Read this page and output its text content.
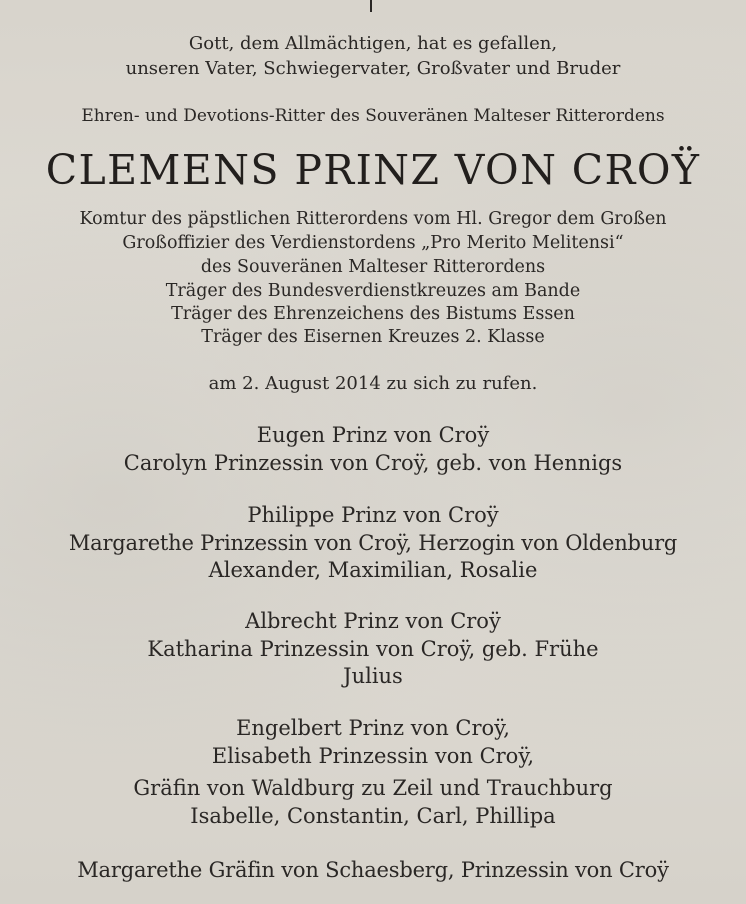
Gott, dem Allmächtigen, hat es gefallen,
unseren Vater, Schwiegervater, Großvater und Bruder
Ehren- und Devotions-Ritter des Souveränen Malteser Ritterordens
CLEMENS PRINZ VON CROŸ
Komtur des päpstlichen Ritterordens vom Hl. Gregor dem Großen
Großoffizier des Verdienstordens „Pro Merito Melitensi“
des Souveränen Malteser Ritterordens
Träger des Bundesverdienstkreuzes am Bande
Träger des Ehrenzeichens des Bistums Essen
Träger des Eisernen Kreuzes 2. Klasse
am 2. August 2014 zu sich zu rufen.
Eugen Prinz von Croÿ
Carolyn Prinzessin von Croÿ, geb. von Hennigs
Philippe Prinz von Croÿ
Margarethe Prinzessin von Croÿ, Herzogin von Oldenburg
Alexander, Maximilian, Rosalie
Albrecht Prinz von Croÿ
Katharina Prinzessin von Croÿ, geb. Frühe
Julius
Engelbert Prinz von Croÿ,
Elisabeth Prinzessin von Croÿ,
Gräfin von Waldburg zu Zeil und Trauchburg
Isabelle, Constantin, Carl, Phillipa
Margarethe Gräfin von Schaesberg, Prinzessin von Croÿ
